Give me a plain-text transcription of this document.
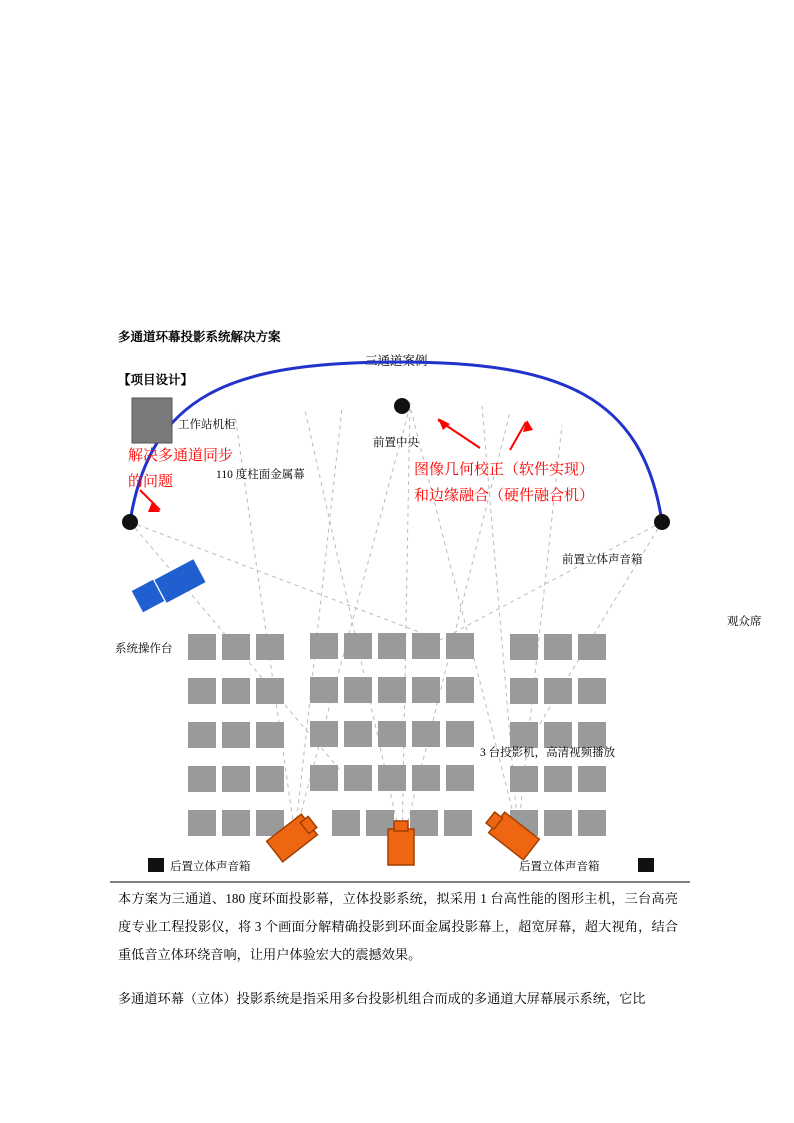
多通道环幕投影系统解决方案
【项目设计】
三通道案例
工作站机柜
110 度柱面金属幕
前置中央
前置立体声音箱
系统操作台
3 台投影机，高清视频播放
后置立体声音箱	后置立体声音箱
观众席
解决多通道同步
的问题
图像几何校正（软件实现）
和边缘融合（硬件融合机）
本方案为三通道、180 度环面投影幕，立体投影系统，拟采用 1 台高性能的图形主机，三台高亮度专业工程投影仪，将 3 个画面分解精确投影到环面金属投影幕上，超宽屏幕，超大视角，结合重低音立体环绕音响，让用户体验宏大的震撼效果。
多通道环幕（立体）投影系统是指采用多台投影机组合而成的多通道大屏幕展示系统，它比
